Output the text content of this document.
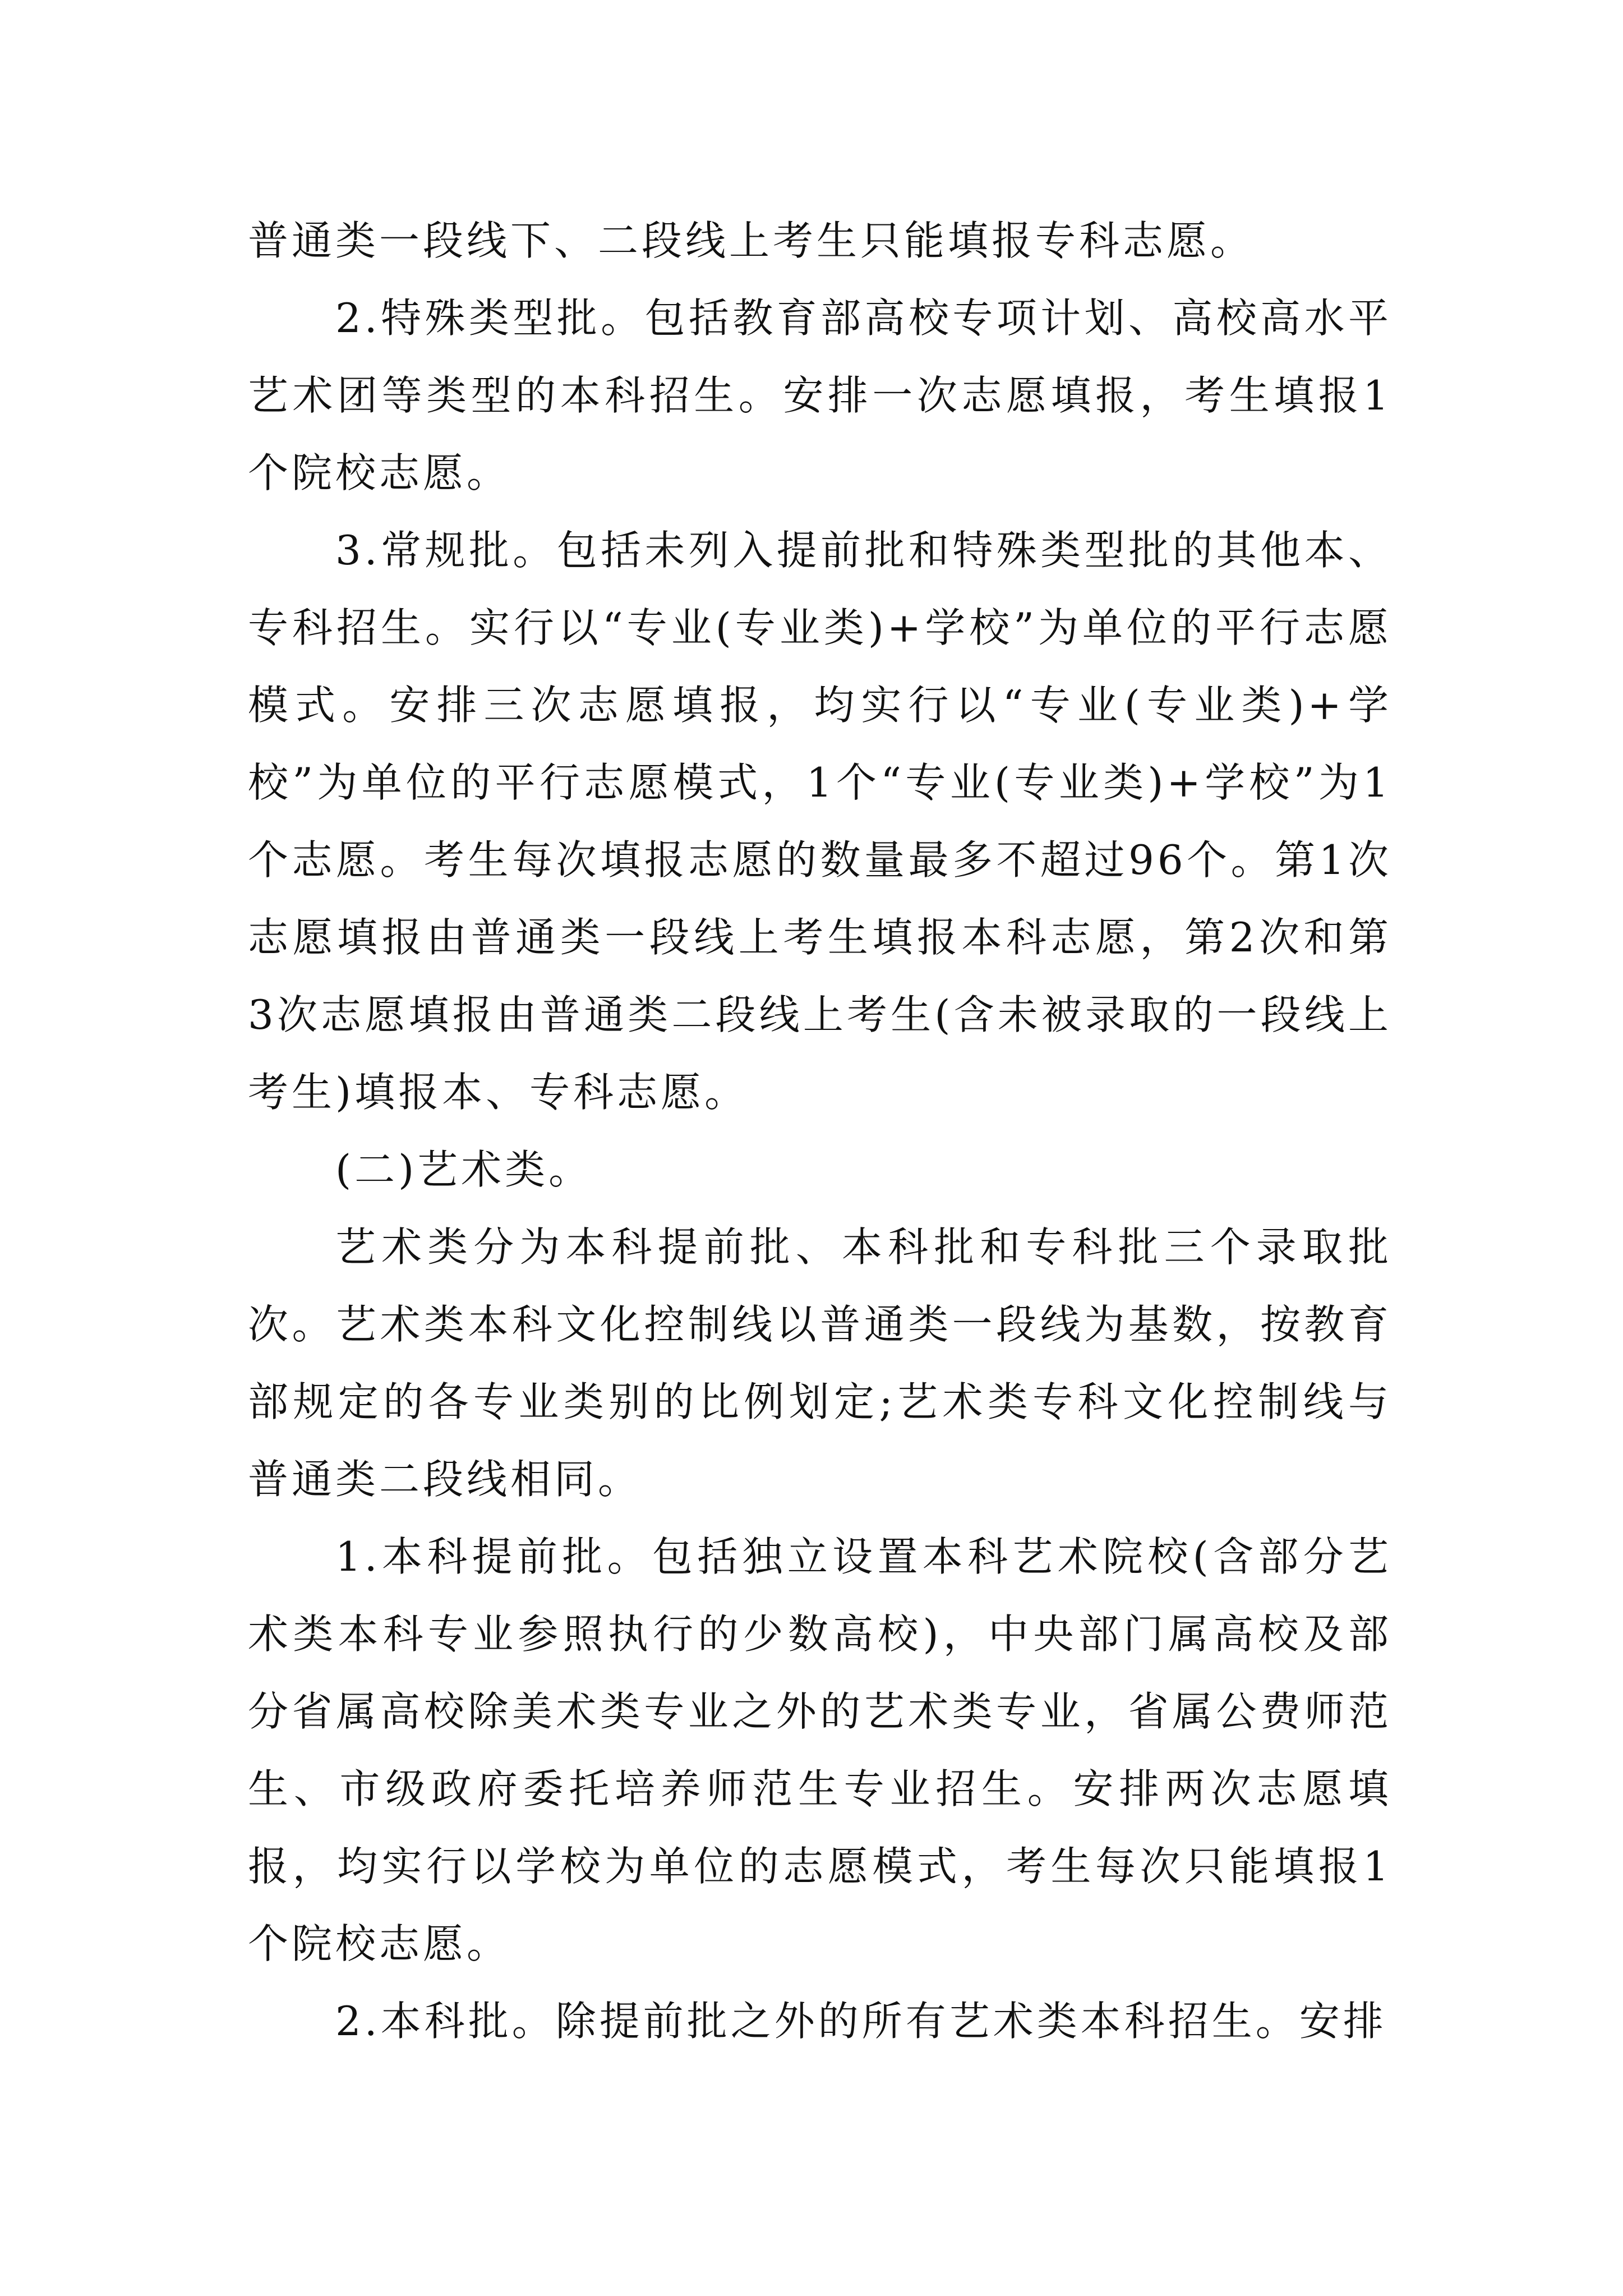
普通类一段线下、二段线上考生只能填报专科志愿。

2.特殊类型批。包括教育部高校专项计划、高校高水平艺术团等类型的本科招生。安排一次志愿填报，考生填报1个院校志愿。

3.常规批。包括未列入提前批和特殊类型批的其他本、专科招生。实行以“专业(专业类)+学校”为单位的平行志愿模式。安排三次志愿填报，均实行以“专业(专业类)+学校”为单位的平行志愿模式，1个“专业(专业类)+学校”为1个志愿。考生每次填报志愿的数量最多不超过96个。第1次志愿填报由普通类一段线上考生填报本科志愿，第2次和第3次志愿填报由普通类二段线上考生(含未被录取的一段线上考生)填报本、专科志愿。

(二)艺术类。

艺术类分为本科提前批、本科批和专科批三个录取批次。艺术类本科文化控制线以普通类一段线为基数，按教育部规定的各专业类别的比例划定;艺术类专科文化控制线与普通类二段线相同。

1.本科提前批。包括独立设置本科艺术院校(含部分艺术类本科专业参照执行的少数高校)，中央部门属高校及部分省属高校除美术类专业之外的艺术类专业，省属公费师范生、市级政府委托培养师范生专业招生。安排两次志愿填报，均实行以学校为单位的志愿模式，考生每次只能填报1个院校志愿。

2.本科批。除提前批之外的所有艺术类本科招生。安排
